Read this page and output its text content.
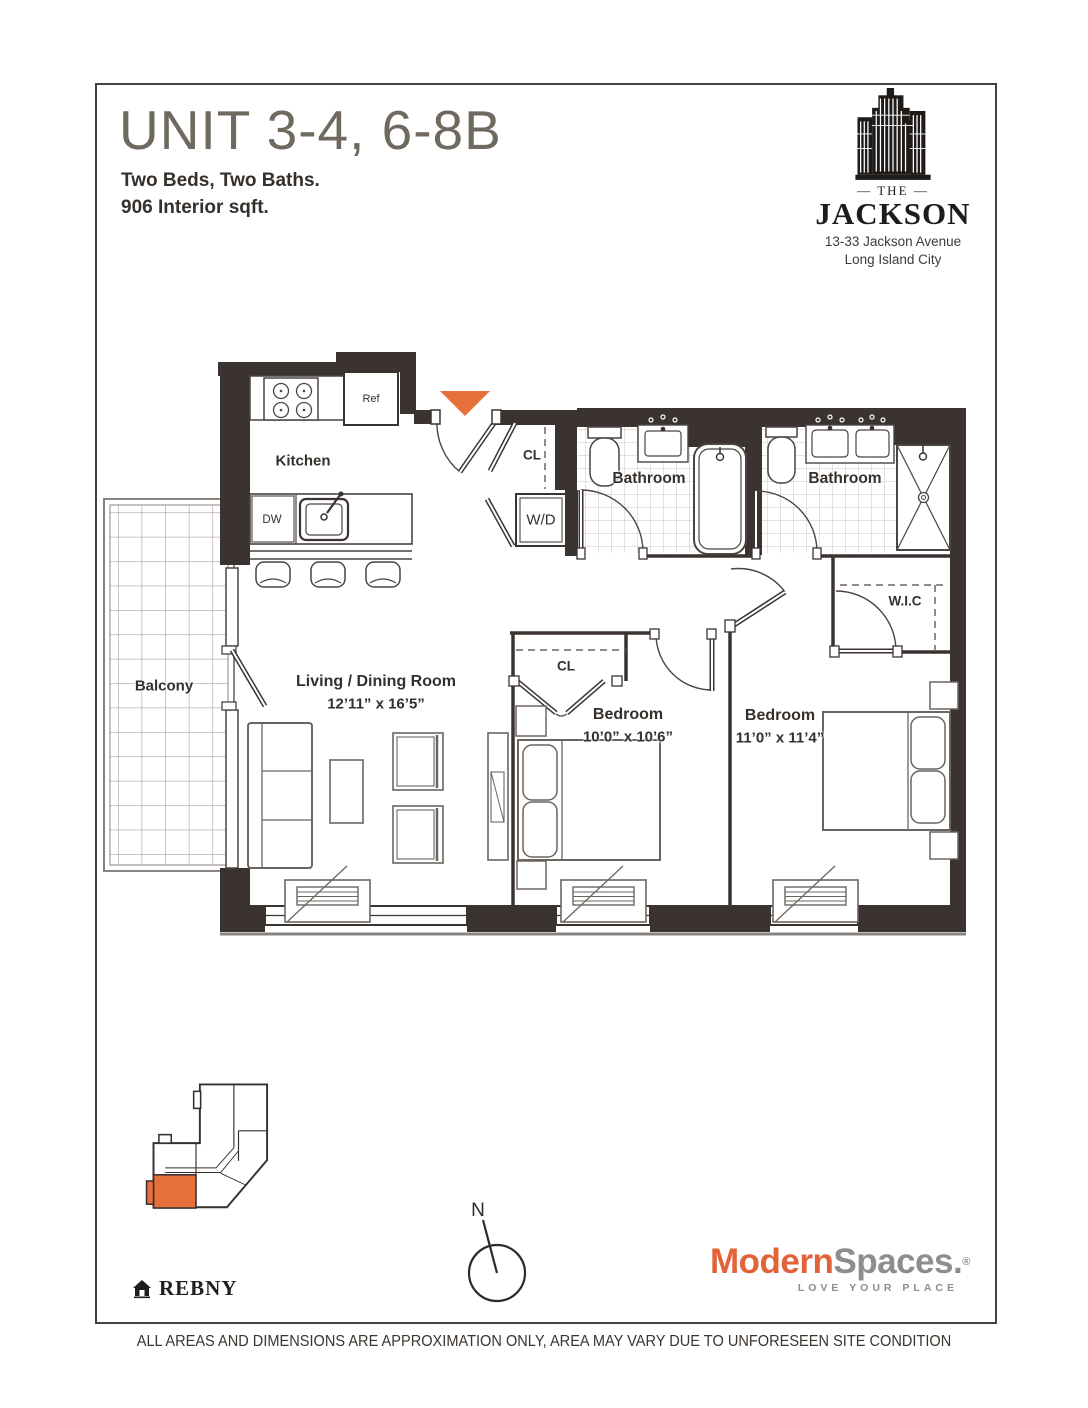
UNIT 3-4, 6-8B
Two Beds, Two Baths.
906 Interior sqft.
— THE —
JACKSON
13-33 Jackson Avenue
Long Island City
Kitchen
Ref
DW
CL
W/D
Bathroom	Bathroom
W.I.C
CL
Balcony	Living / Dining Room
12’11” x 16’5”
Bedroom
10’0” x 10’6”
Bedroom
11’0” x 11’4”
REBNY
N
ModernSpaces.®
LOVE YOUR PLACE
ALL AREAS AND DIMENSIONS ARE APPROXIMATION ONLY, AREA MAY VARY DUE TO UNFORESEEN SITE CONDITION
